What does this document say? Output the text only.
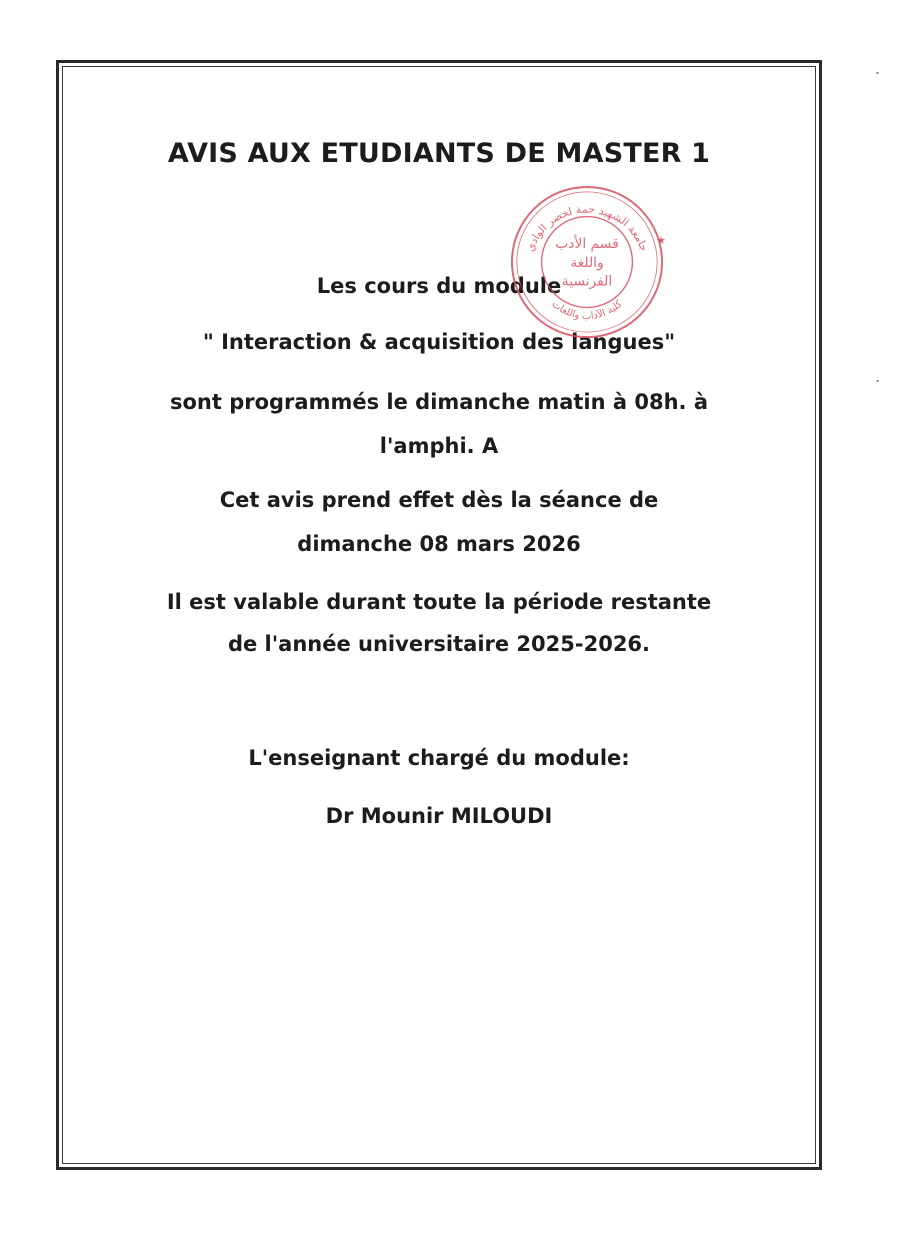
AVIS AUX ETUDIANTS DE MASTER 1
Les cours du module
" Interaction & acquisition des langues"
sont programmés le dimanche matin à 08h. à
l'amphi. A
Cet avis prend effet dès la séance de
dimanche 08 mars 2026
Il est valable durant toute la période restante
de l'année universitaire 2025-2026.
L'enseignant chargé du module:
Dr Mounir MILOUDI
جامعة الشهيد حمة لخضر الوادي
كلية الآداب واللغات
★
قسم الأدب
واللغة
الفرنسية
